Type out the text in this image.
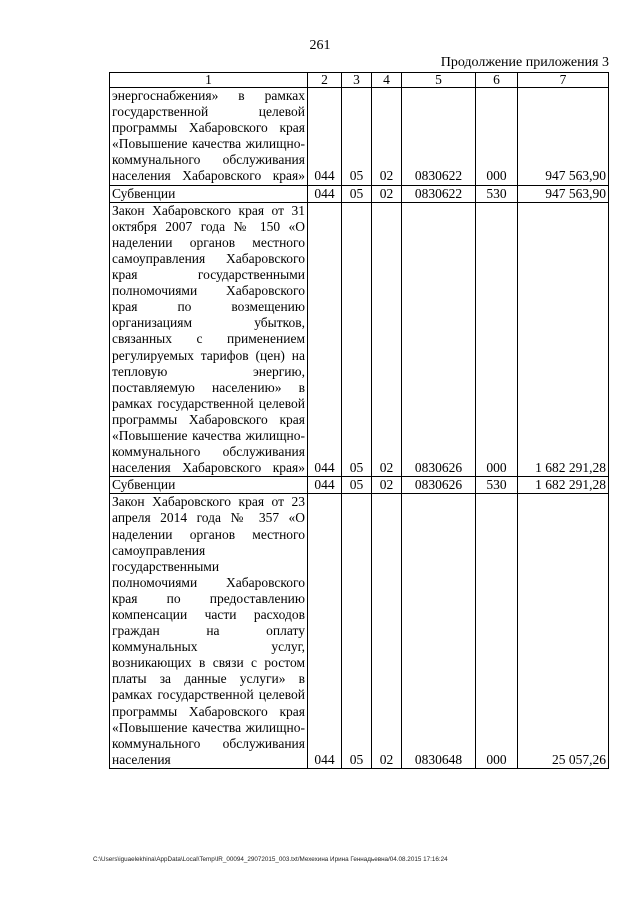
261
Продолжение приложения 3
1	2	3	4	5	6	7
энергоснабжения» в рамках государственной целевой программы Хабаровского края «Повышение качества жилищно-коммунального обслуживания населения Хабаровского края»	044	05	02	0830622	000	947 563,90
Субвенции	044	05	02	0830622	530	947 563,90
Закон Хабаровского края от 31 октября 2007 года № 150 «О наделении органов местного самоуправления Хабаровского края государственными полномочиями Хабаровского края по возмещению организациям убытков, связанных с применением регулируемых тарифов (цен) на тепловую энергию, поставляемую населению» в рамках государственной целевой программы Хабаровского края «Повышение качества жилищно-коммунального обслуживания населения Хабаровского края»	044	05	02	0830626	000	1 682 291,28
Субвенции	044	05	02	0830626	530	1 682 291,28
Закон Хабаровского края от 23 апреля 2014 года № 357 «О наделении органов местного самоуправления государственными полномочиями Хабаровского края по предоставлению компенсации части расходов граждан на оплату коммунальных услуг, возникающих в связи с ростом платы за данные услуги» в рамках государственной целевой программы Хабаровского края «Повышение качества жилищно-коммунального обслуживания населения	044	05	02	0830648	000	25 057,26
C:\Users\iguaelekhina\AppData\Local\Temp\IR_00094_29072015_003.txt/Мехехина Ирина Геннадьевна/04.08.2015 17:16:24
